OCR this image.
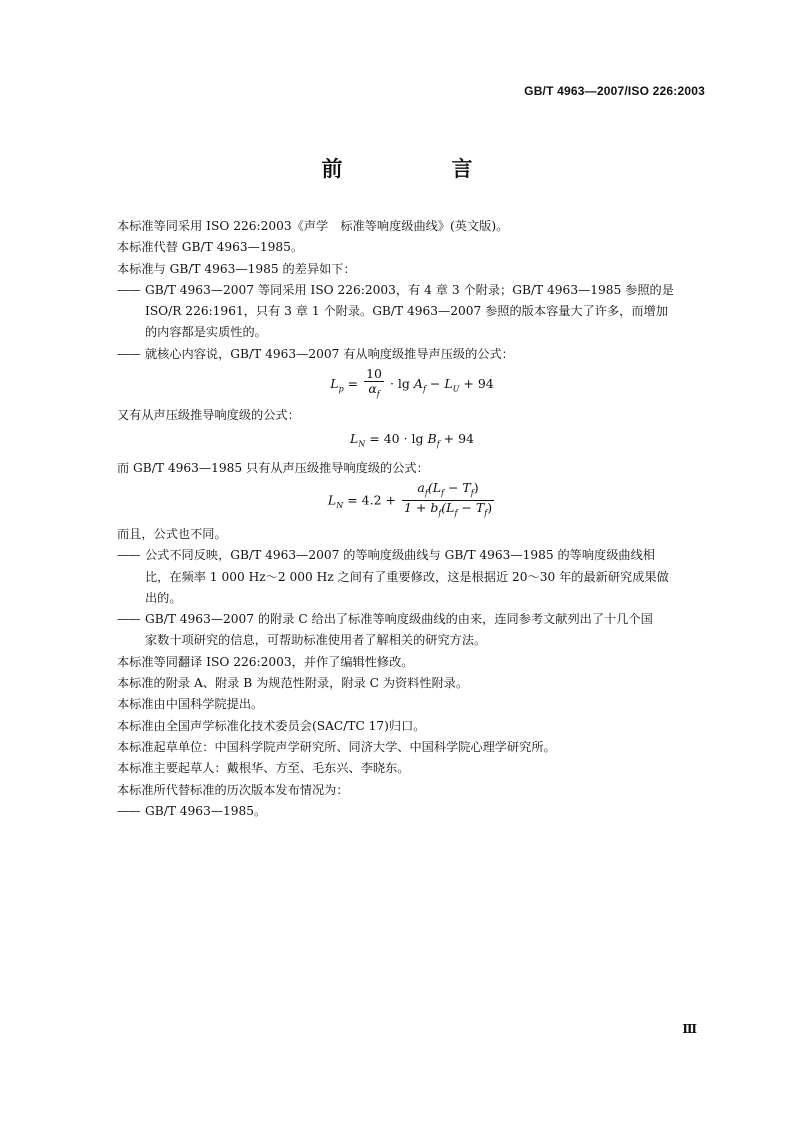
GB/T 4963—2007/ISO 226:2003
前　言

本标准等同采用 ISO 226:2003《声学　标准等响度级曲线》(英文版)。

本标准代替 GB/T 4963—1985。

本标准与 GB/T 4963—1985 的差异如下：

—— GB/T 4963—2007 等同采用 ISO 226:2003，有 4 章 3 个附录；GB/T 4963—1985 参照的是
ISO/R 226:1961，只有 3 章 1 个附录。GB/T 4963—2007 参照的版本容量大了许多，而增加
的内容都是实质性的。
—— 就核心内容说，GB/T 4963—2007 有从响度级推导声压级的公式：
$L_p = \frac{10}{\alpha_f} \cdot \lg A_f - L_U + 94$

又有从声压级推导响度级的公式：

$L_N = 40 \cdot \lg B_f + 94$

而 GB/T 4963—1985 只有从声压级推导响度级的公式：

$L_N = 4.2 + \frac{a_f(L_f - T_f)}{1 + b_f(L_f - T_f)}$

而且，公式也不同。

—— 公式不同反映，GB/T 4963—2007 的等响度级曲线与 GB/T 4963—1985 的等响度级曲线相
比，在频率 1 000 Hz～2 000 Hz 之间有了重要修改，这是根据近 20～30 年的最新研究成果做
出的。
—— GB/T 4963—2007 的附录 C 给出了标准等响度级曲线的由来，连同参考文献列出了十几个国
家数十项研究的信息，可帮助标准使用者了解相关的研究方法。

本标准等同翻译 ISO 226:2003，并作了编辑性修改。

本标准的附录 A、附录 B 为规范性附录，附录 C 为资料性附录。

本标准由中国科学院提出。

本标准由全国声学标准化技术委员会(SAC/TC 17)归口。

本标准起草单位：中国科学院声学研究所、同济大学、中国科学院心理学研究所。

本标准主要起草人：戴根华、方至、毛东兴、李晓东。

本标准所代替标准的历次版本发布情况为：

—— GB/T 4963—1985。
Ⅲ
